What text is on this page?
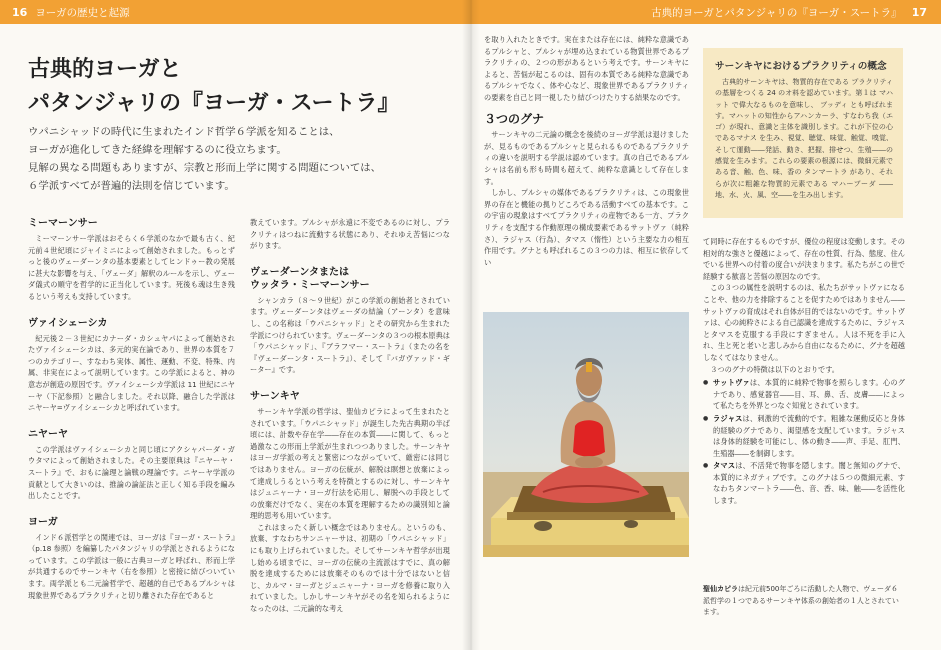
16 ヨーガの歴史と起源
古典的ヨーガと
パタンジャリの『ヨーガ・スートラ』

ウパニシャッドの時代に生まれたインド哲学６学派を知ることは、

ヨーガが進化してきた経緯を理解するのに役立ちます。

見解の異なる問題もありますが、宗教と形而上学に関する問題については、

６学派すべてが普遍的法則を信じています。

ミーマーンサー

ミーマーンサー学派はおそらく６学派のなかで最も古く、紀元前４世紀頃にジャイミニによって創始されました。もっとずっと後のヴェーダーンタの基本要素としてヒンドゥー教の発展に甚大な影響を与え、「ヴェーダ」解釈のルールを示し、ヴェーダ儀式の順守を哲学的に正当化しています。死後も魂は生き残るという考えも支持しています。

ヴァイシェーシカ

紀元後２－３世紀にカナーダ・カシュヤパによって創始されたヴァイシェーシカは、多元的実在論であり、世界の本質を７つのカテゴリー、すなわち実体、属性、運動、不変、特殊、内属、非実在によって説明しています。この学派によると、神の意志が創造の原因です。ヴァイシェーシカ学派は 11 世紀にニヤーヤ（下記参照）と融合しました。それ以降、融合した学派はニヤーヤ=ヴァイシェーシカと呼ばれています。

ニヤーヤ

この学派はヴァイシェーシカと同じ頃にアクシャパーダ・ガウタマによって創始されました。その主要原典は『ニヤーヤ・スートラ』で、おもに論理と論戦の理論です。ニヤーヤ学派の貢献として大きいのは、推論の論証法と正しく知る手段を編み出したことです。

ヨーガ

インド６派哲学との関連では、ヨーガは『ヨーガ・スートラ』（p.18 参照）を編纂したパタンジャリの学派とされるようになっています。この学派は一般に古典ヨーガと呼ばれ、形而上学が共通するのでサーンキヤ（右を参照）と密接に結びついています。両学派とも二元論哲学で、超越的自己であるプルシャは現象世界であるプラクリティと切り離された存在であると

教えています。プルシャが永遠に不変であるのに対し、プラクリティはつねに流動する状態にあり、それゆえ苦悩につながります。

ヴェーダーンタまたは
ウッタラ・ミーマーンサー

シャンカラ（８～９世紀）がこの学派の創始者とされています。ヴェーダーンタはヴェーダの結論（アーンタ）を意味し、この名称は「ウパニシャッド」とその研究から生まれた学派につけられています。ヴェーダーンタの３つの根本原典は「ウパニシャッド」、『ブラフマー・スートラ』（またの名を『ヴェーダーンタ・スートラ』）、そして『バガヴァッド・ギーター』です。

サーンキヤ

サーンキヤ学派の哲学は、聖仙カピラによって生まれたとされています。「ウパニシャッド」が誕生した先古典期の半ば頃には、計数や存在学――存在の本質――に関して、もっと過激なこの形而上学派が生まれつつありました。サーンキヤはヨーガ学派の考えと緊密につながっていて、厳密には同じではありません。ヨーガの伝統が、解脱は瞑想と放棄によって達成しうるという考えを特徴とするのに対し、サーンキヤはジュニャーナ・ヨーガ行法を応用し、解脱への手段としての放棄だけでなく、実在の本質を理解するための識別知と論理的思考も用いています。

これはまったく新しい概念ではありません。というのも、放棄、すなわちサンニャーサは、初期の「ウパニシャッド」にも取り上げられていました。そしてサーンキヤ哲学が出現し始める頃までに、ヨーガの伝統の主流派はすでに、真の解脱を達成するためには放棄そのものでは十分ではないと信じ、カルマ・ヨーガとジュニャーナ・ヨーガを修養に取り入れていました。しかしサーンキヤがその名を知られるようになったのは、二元論的な考え

古典的ヨーガとパタンジャリの『ヨーガ・スートラ』 17

を取り入れたときです。実在または存在には、純粋な意識であるプルシャと、プルシャが埋め込まれている物質世界であるプラクリティの、２つの形があるという考えです。サーンキヤによると、苦悩が起こるのは、固有の本質である純粋な意識であるプルシャでなく、体や心など、現象世界であるプラクリティの要素を自己と同一視したり結びつけたりする結果なのです。

３つのグナ

サーンキヤの二元論の概念を後続のヨーガ学派は退けましたが、見るものであるプルシャと見られるものであるプラクリティの違いを説明する学説は認めています。真の自己であるプルシャは名前も形も時間も超えて、純粋な意識として存在します。

しかし、プルシャの媒体であるプラクリティは、この現象世界の存在と機能の拠りどころである活動すべての基本です。この宇宙の現象はすべてプラクリティの産物である一方、プラクリティを支配する作動原理の構成要素であるサットヴァ（純粋さ）、ラジャス（行為）、タマス（惰性）という主要な力の相互作用です。グナとも呼ばれるこの３つの力は、相互に依存してい

サーンキヤにおけるプラクリティの概念

古典的サーンキヤは、物質的存在である プラクリティ の基層をつくる 24 のオ料を認めています。第１は マハット で偉大なるものを意味し、 ブッディ とも呼ばれます。マハットの知性からアハンカーラ、すなわち我（エゴ）が現れ、意識と主体を識別します。これが下位の心であるマナス を生み、視覚、聴覚、味覚、触覚、嗅覚、そして運動――発話、動き、把握、排せつ、生殖――の感覚を生みます。これらの要素の根源には、微細元素である音、触、色、味、香の タンマートラ があり、それらが次に粗雑な物質的元素である マハーブーダ ――地、水、火、風、空――を生み出します。

て同時に存在するものですが、優位の程度は変動します。その相対的な強さと優越によって、存在の性質、行為、態度、住んでいる世界への付着の度合いが決まります。私たちがこの世で経験する歓喜と苦悩の原因なのです。

この３つの属性を説明するのは、私たちがサットヴァになることや、他の力を排除することを促すためではありません――サットヴァの育成はそれ自体が目的ではないのです。サットヴァは、心の純粋さによる自己認識を達成するために、ラジャスとタマスを克服する手段にすぎません。人は不死を手に入れ、生と死と老いと悲しみから自由になるために、グナを超越しなくてはなりません。

３つのグナの特徴は以下のとおりです。

● サットヴァは、本質的に純粋で物事を照らします。心のグナであり、感覚器官――目、耳、鼻、舌、皮膚――によって私たちを外界とつなぐ知覚とされています。
● ラジャスは、刺激的で流動的です。粗雑な運動反応と身体的経験のグナであり、渇望感を支配しています。ラジャスは身体的経験を可能にし、体の動き――声、手足、肛門、生殖器――を制御します。
● タマスは、不活発で物事を隠します。闇と無知のグナで、本質的にネガティブです。このグナは５つの微細元素、すなわちタンマートラ――色、音、香、味、触――を活性化します。
聖仙カピラは紀元前500年ごろに活動した人物で、ヴェーダ６派哲学の１つであるサーンキヤ体系の創始者の１人とされています。
